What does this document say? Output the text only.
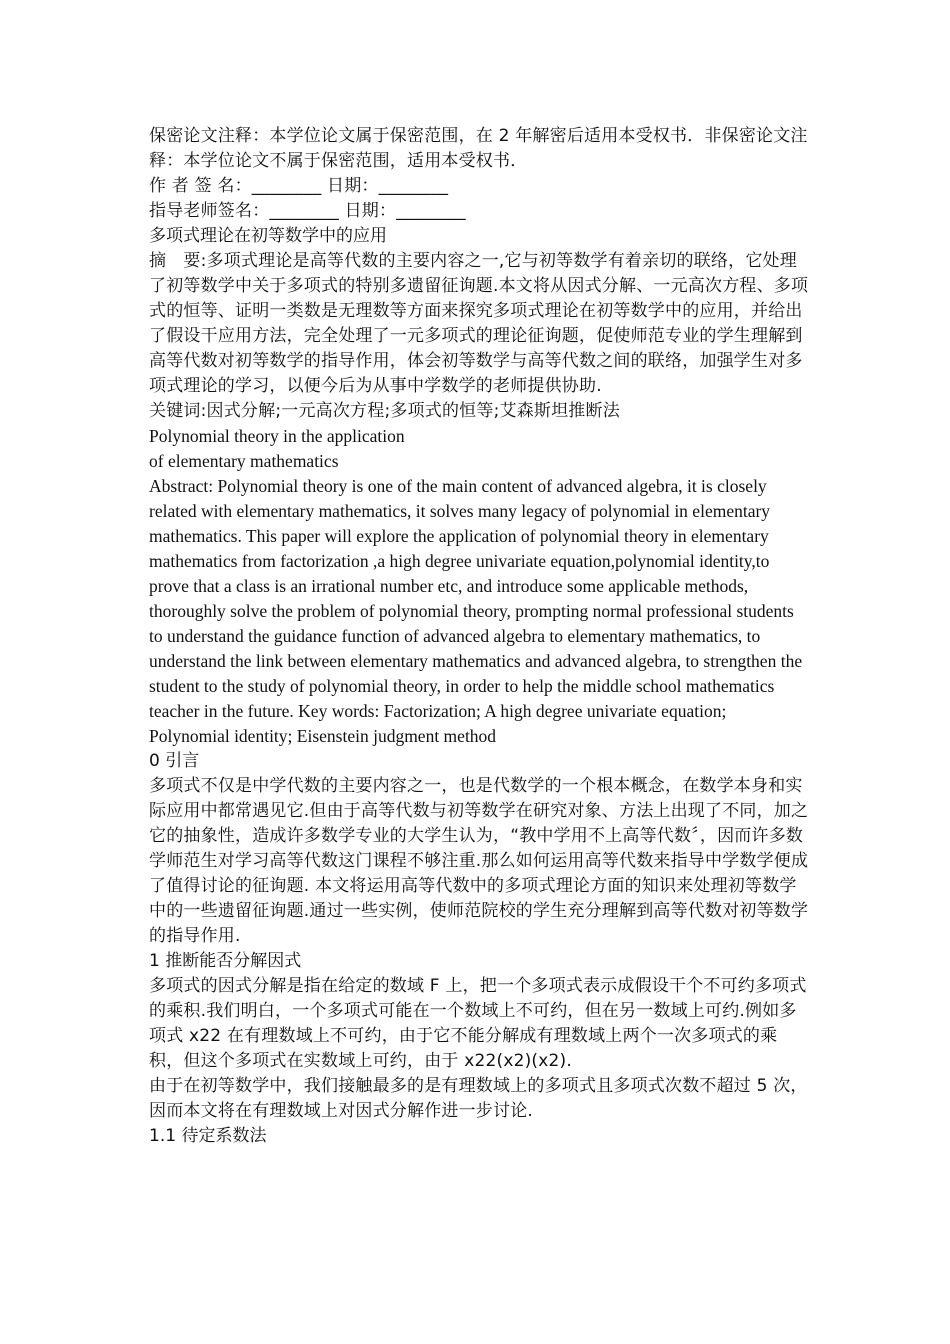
保密论文注释：本学位论文属于保密范围，在 2 年解密后适用本受权书．非保密论文注释：本学位论文不属于保密范围，适用本受权书．

作 者 签 名：________ 日期：________

指导老师签名：________ 日期：________

多项式理论在初等数学中的应用

摘　要:多项式理论是高等代数的主要内容之一,它与初等数学有着亲切的联络，它处理了初等数学中关于多项式的特别多遗留征询题.本文将从因式分解、一元高次方程、多项式的恒等、证明一类数是无理数等方面来探究多项式理论在初等数学中的应用，并给出了假设干应用方法，完全处理了一元多项式的理论征询题，促使师范专业的学生理解到高等代数对初等数学的指导作用，体会初等数学与高等代数之间的联络，加强学生对多项式理论的学习，以便今后为从事中学数学的老师提供协助.

关键词:因式分解;一元高次方程;多项式的恒等;艾森斯坦推断法

Polynomial theory in the application

of elementary mathematics

Abstract: Polynomial theory is one of the main content of advanced algebra, it is closely related with elementary mathematics, it solves many legacy of polynomial in elementary mathematics. This paper will explore the application of polynomial theory in elementary mathematics from factorization ,a high degree univariate equation,polynomial identity,to prove that a class is an irrational number etc, and introduce some applicable methods, thoroughly solve the problem of polynomial theory, prompting normal professional students to understand the guidance function of advanced algebra to elementary mathematics, to understand the link between elementary mathematics and advanced algebra, to strengthen the student to the study of polynomial theory, in order to help the middle school mathematics teacher in the future. Key words: Factorization; A high degree univariate equation; Polynomial identity; Eisenstein judgment method

0 引言

多项式不仅是中学代数的主要内容之一，也是代数学的一个根本概念，在数学本身和实际应用中都常遇见它.但由于高等代数与初等数学在研究对象、方法上出现了不同，加之它的抽象性，造成许多数学专业的大学生认为，“教中学用不上高等代数〞，因而许多数学师范生对学习高等代数这门课程不够注重.那么如何运用高等代数来指导中学数学便成了值得讨论的征询题. 本文将运用高等代数中的多项式理论方面的知识来处理初等数学中的一些遗留征询题.通过一些实例，使师范院校的学生充分理解到高等代数对初等数学的指导作用.

1 推断能否分解因式

多项式的因式分解是指在给定的数域 F 上，把一个多项式表示成假设干个不可约多项式的乘积.我们明白，一个多项式可能在一个数域上不可约，但在另一数域上可约.例如多项式 x22 在有理数域上不可约，由于它不能分解成有理数域上两个一次多项式的乘积，但这个多项式在实数域上可约，由于 x22(x2)(x2).

由于在初等数学中，我们接触最多的是有理数域上的多项式且多项式次数不超过 5 次，因而本文将在有理数域上对因式分解作进一步讨论.

1.1 待定系数法
